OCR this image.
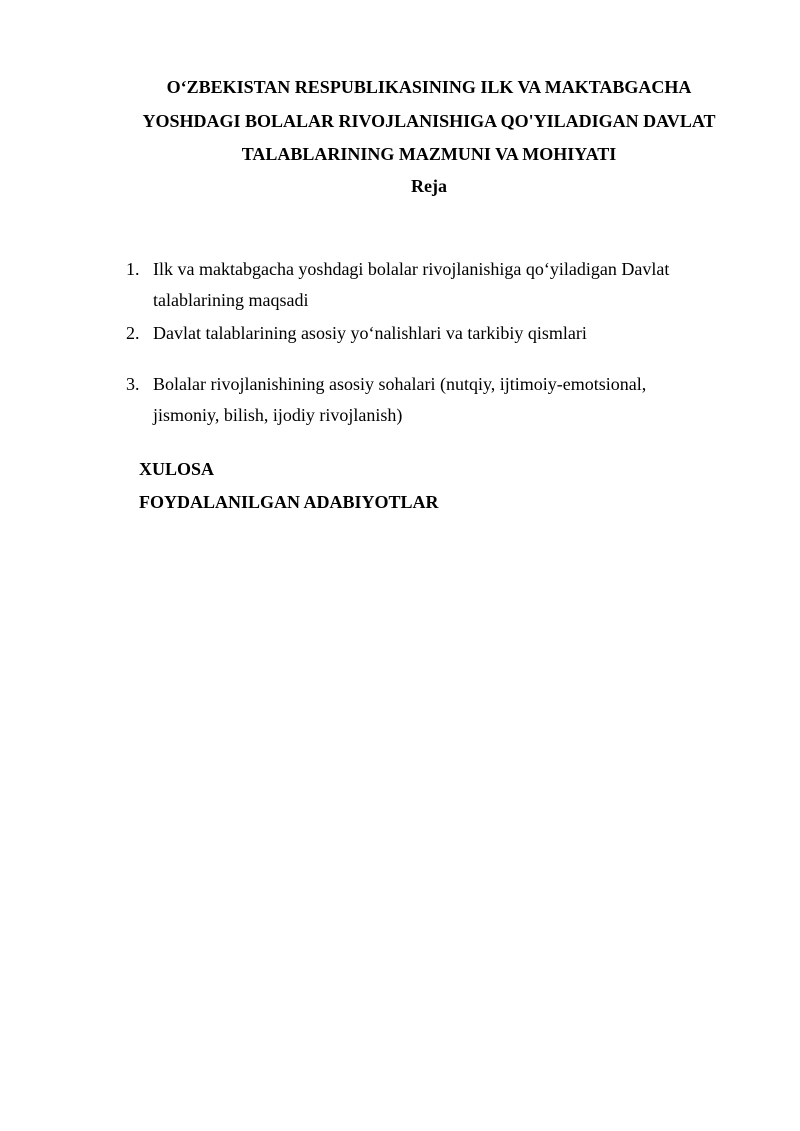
O‘ZBEKISTAN RESPUBLIKASINING ILK VA MAKTABGACHA

YOSHDAGI BOLALAR RIVOJLANISHIGA QO'YILADIGAN DAVLAT

TALABLARINING MAZMUNI VA MOHIYATI

Reja

1. Ilk va maktabgacha yoshdagi bolalar rivojlanishiga qo‘yiladigan Davlat
talablarining maqsadi
2. Davlat talablarining asosiy yo‘nalishlari va tarkibiy qismlari
3. Bolalar rivojlanishining asosiy sohalari (nutqiy, ijtimoiy-emotsional,
jismoniy, bilish, ijodiy rivojlanish)

XULOSA

FOYDALANILGAN ADABIYOTLAR
